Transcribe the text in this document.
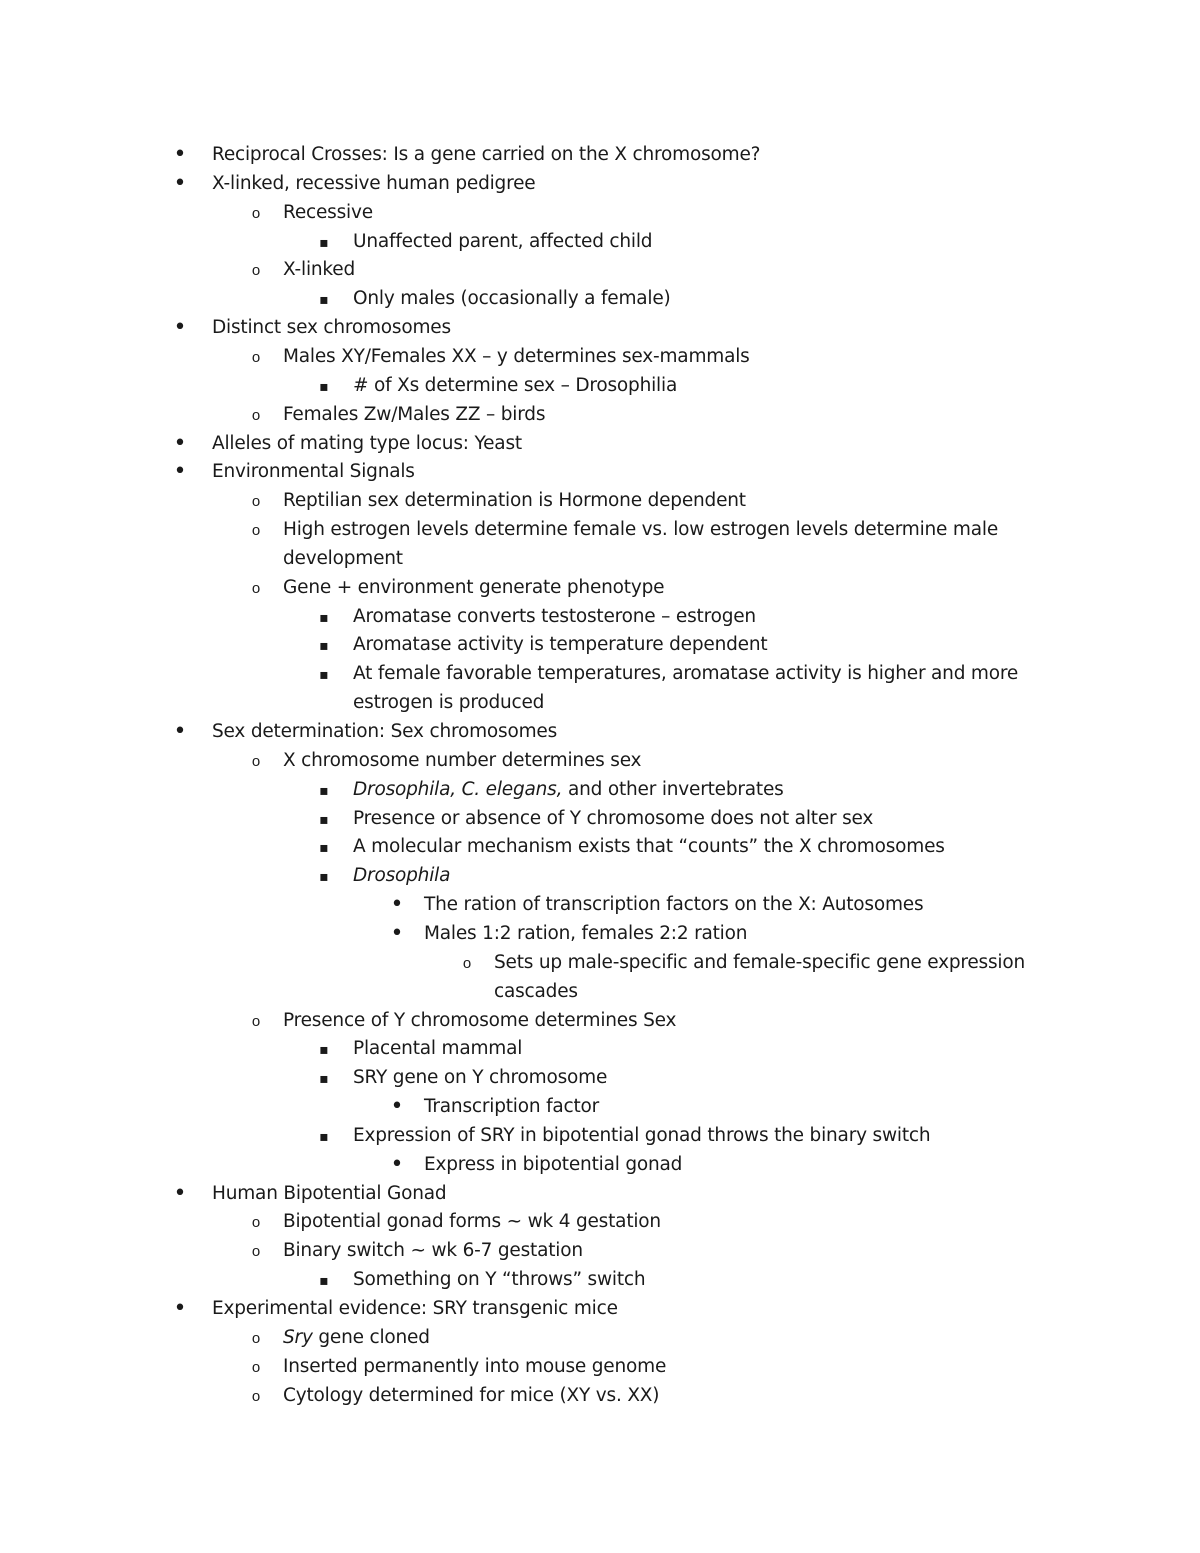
•
Reciprocal Crosses: Is a gene carried on the X chromosome?
•
X-linked, recessive human pedigree
o
Recessive
▪
Unaffected parent, affected child
o
X-linked
▪
Only males (occasionally a female)
•
Distinct sex chromosomes
o
Males XY/Females XX – y determines sex-mammals
▪
# of Xs determine sex – Drosophilia
o
Females Zw/Males ZZ – birds
•
Alleles of mating type locus: Yeast
•
Environmental Signals
o
Reptilian sex determination is Hormone dependent
o
High estrogen levels determine female vs. low estrogen levels determine male
development
o
Gene + environment generate phenotype
▪
Aromatase converts testosterone – estrogen
▪
Aromatase activity is temperature dependent
▪
At female favorable temperatures, aromatase activity is higher and more
estrogen is produced
•
Sex determination: Sex chromosomes
o
X chromosome number determines sex
▪
Drosophila, C. elegans, and other invertebrates
▪
Presence or absence of Y chromosome does not alter sex
▪
A molecular mechanism exists that “counts” the X chromosomes
▪
Drosophila
•
The ration of transcription factors on the X: Autosomes
•
Males 1:2 ration, females 2:2 ration
o
Sets up male-specific and female-specific gene expression
cascades
o
Presence of Y chromosome determines Sex
▪
Placental mammal
▪
SRY gene on Y chromosome
•
Transcription factor
▪
Expression of SRY in bipotential gonad throws the binary switch
•
Express in bipotential gonad
•
Human Bipotential Gonad
o
Bipotential gonad forms ~ wk 4 gestation
o
Binary switch ~ wk 6-7 gestation
▪
Something on Y “throws” switch
•
Experimental evidence: SRY transgenic mice
o
Sry gene cloned
o
Inserted permanently into mouse genome
o
Cytology determined for mice (XY vs. XX)
